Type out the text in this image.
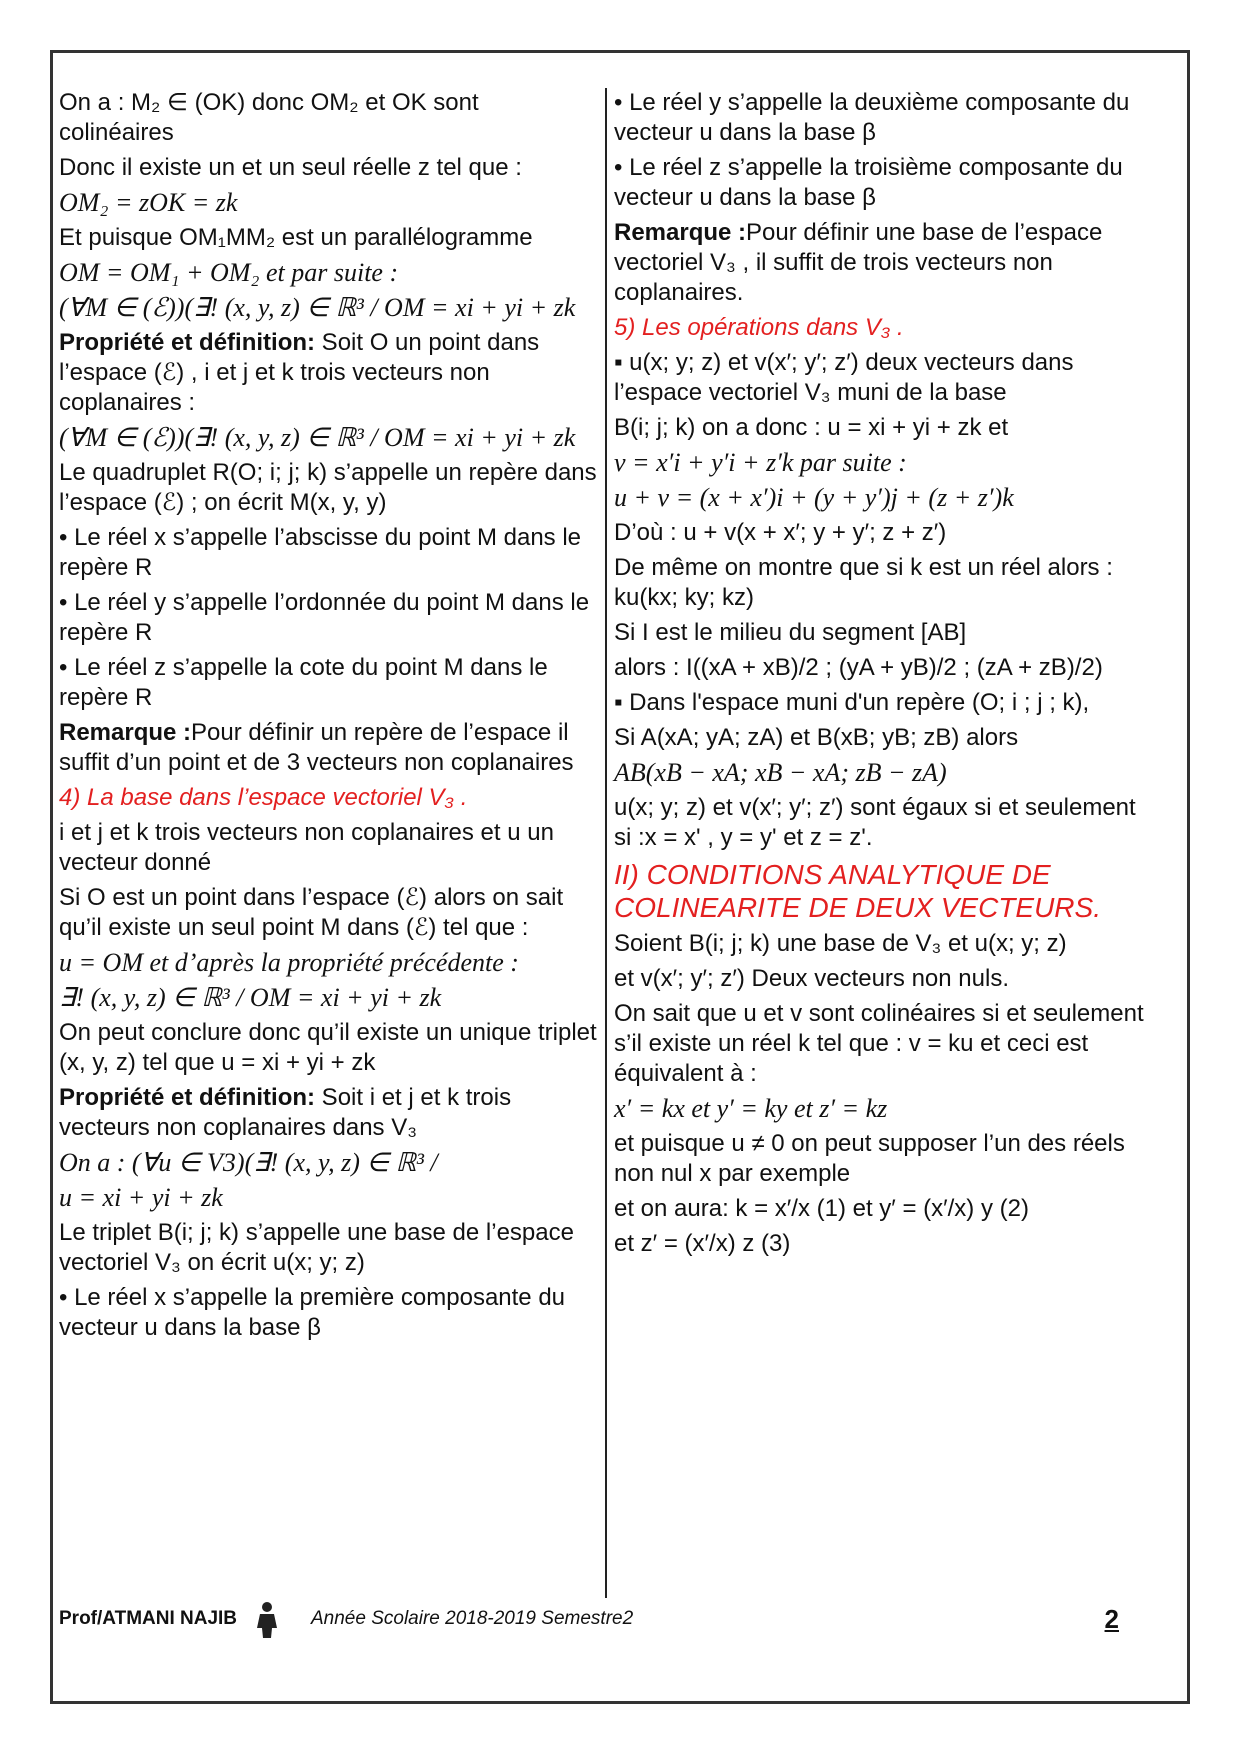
On a : M₂ ∈ (OK) donc OM₂ et OK sont colinéaires

Donc il existe un et un seul réelle z tel que :

OM₂ = zOK = zk

Et puisque OM₁MM₂ est un parallélogramme

OM = OM₁ + OM₂ et par suite :

(∀M ∈ (ℰ))(∃! (x, y, z) ∈ ℝ³ / OM = xi + yi + zk

Propriété et définition: Soit O un point dans l’espace (ℰ) , i et j et k trois vecteurs non coplanaires :

(∀M ∈ (ℰ))(∃! (x, y, z) ∈ ℝ³ / OM = xi + yi + zk

Le quadruplet R(O; i; j; k) s’appelle un repère dans l’espace (ℰ) ; on écrit M(x, y, y)

• Le réel x s’appelle l’abscisse du point M dans le repère R

• Le réel y s’appelle l’ordonnée du point M dans le repère R

• Le réel z s’appelle la cote du point M dans le repère R

Remarque :Pour définir un repère de l’espace il suffit d’un point et de 3 vecteurs non coplanaires

4) La base dans l’espace vectoriel V₃ .

i et j et k trois vecteurs non coplanaires et u un vecteur donné

Si O est un point dans l’espace (ℰ) alors on sait qu’il existe un seul point M dans (ℰ) tel que :

u = OM et d’après la propriété précédente :

∃! (x, y, z) ∈ ℝ³ / OM = xi + yi + zk

On peut conclure donc qu’il existe un unique triplet (x, y, z) tel que u = xi + yi + zk

Propriété et définition: Soit i et j et k trois vecteurs non coplanaires dans V₃

On a : (∀u ∈ V3)(∃! (x, y, z) ∈ ℝ³ /

u = xi + yi + zk

Le triplet B(i; j; k) s’appelle une base de l’espace vectoriel V₃ on écrit u(x; y; z)

• Le réel x s’appelle la première composante du vecteur u dans la base β

• Le réel y s’appelle la deuxième composante du vecteur u dans la base β

• Le réel z s’appelle la troisième composante du vecteur u dans la base β

Remarque :Pour définir une base de l’espace vectoriel V₃ , il suffit de trois vecteurs non coplanaires.

5) Les opérations dans V₃ .

▪ u(x; y; z) et v(x′; y′; z′) deux vecteurs dans l’espace vectoriel V₃ muni de la base

B(i; j; k) on a donc : u = xi + yi + zk et

v = x′i + y′i + z′k par suite :

u + v = (x + x′)i + (y + y′)j + (z + z′)k

D’où : u + v(x + x′; y + y′; z + z′)

De même on montre que si k est un réel alors : ku(kx; ky; kz)

Si I est le milieu du segment [AB]

alors : I((xA + xB)/2 ; (yA + yB)/2 ; (zA + zB)/2)

▪ Dans l'espace muni d'un repère (O; i ; j ; k),

Si A(xA; yA; zA) et B(xB; yB; zB) alors

AB(xB − xA; xB − xA; zB − zA)

u(x; y; z) et v(x′; y′; z′) sont égaux si et seulement si :x = x' , y = y' et z = z'.

II) CONDITIONS ANALYTIQUE DE COLINEARITE DE DEUX VECTEURS.

Soient B(i; j; k) une base de V₃ et u(x; y; z)

et v(x′; y′; z′) Deux vecteurs non nuls.

On sait que u et v sont colinéaires si et seulement s’il existe un réel k tel que : v = ku et ceci est équivalent à :

x′ = kx et y′ = ky et z′ = kz

et puisque u ≠ 0 on peut supposer l’un des réels non nul x par exemple

et on aura: k = x′/x (1) et y′ = (x′/x) y (2)

et z′ = (x′/x) z (3)

Prof/ATMANI NAJIB	Année Scolaire 2018-2019 Semestre2	2
